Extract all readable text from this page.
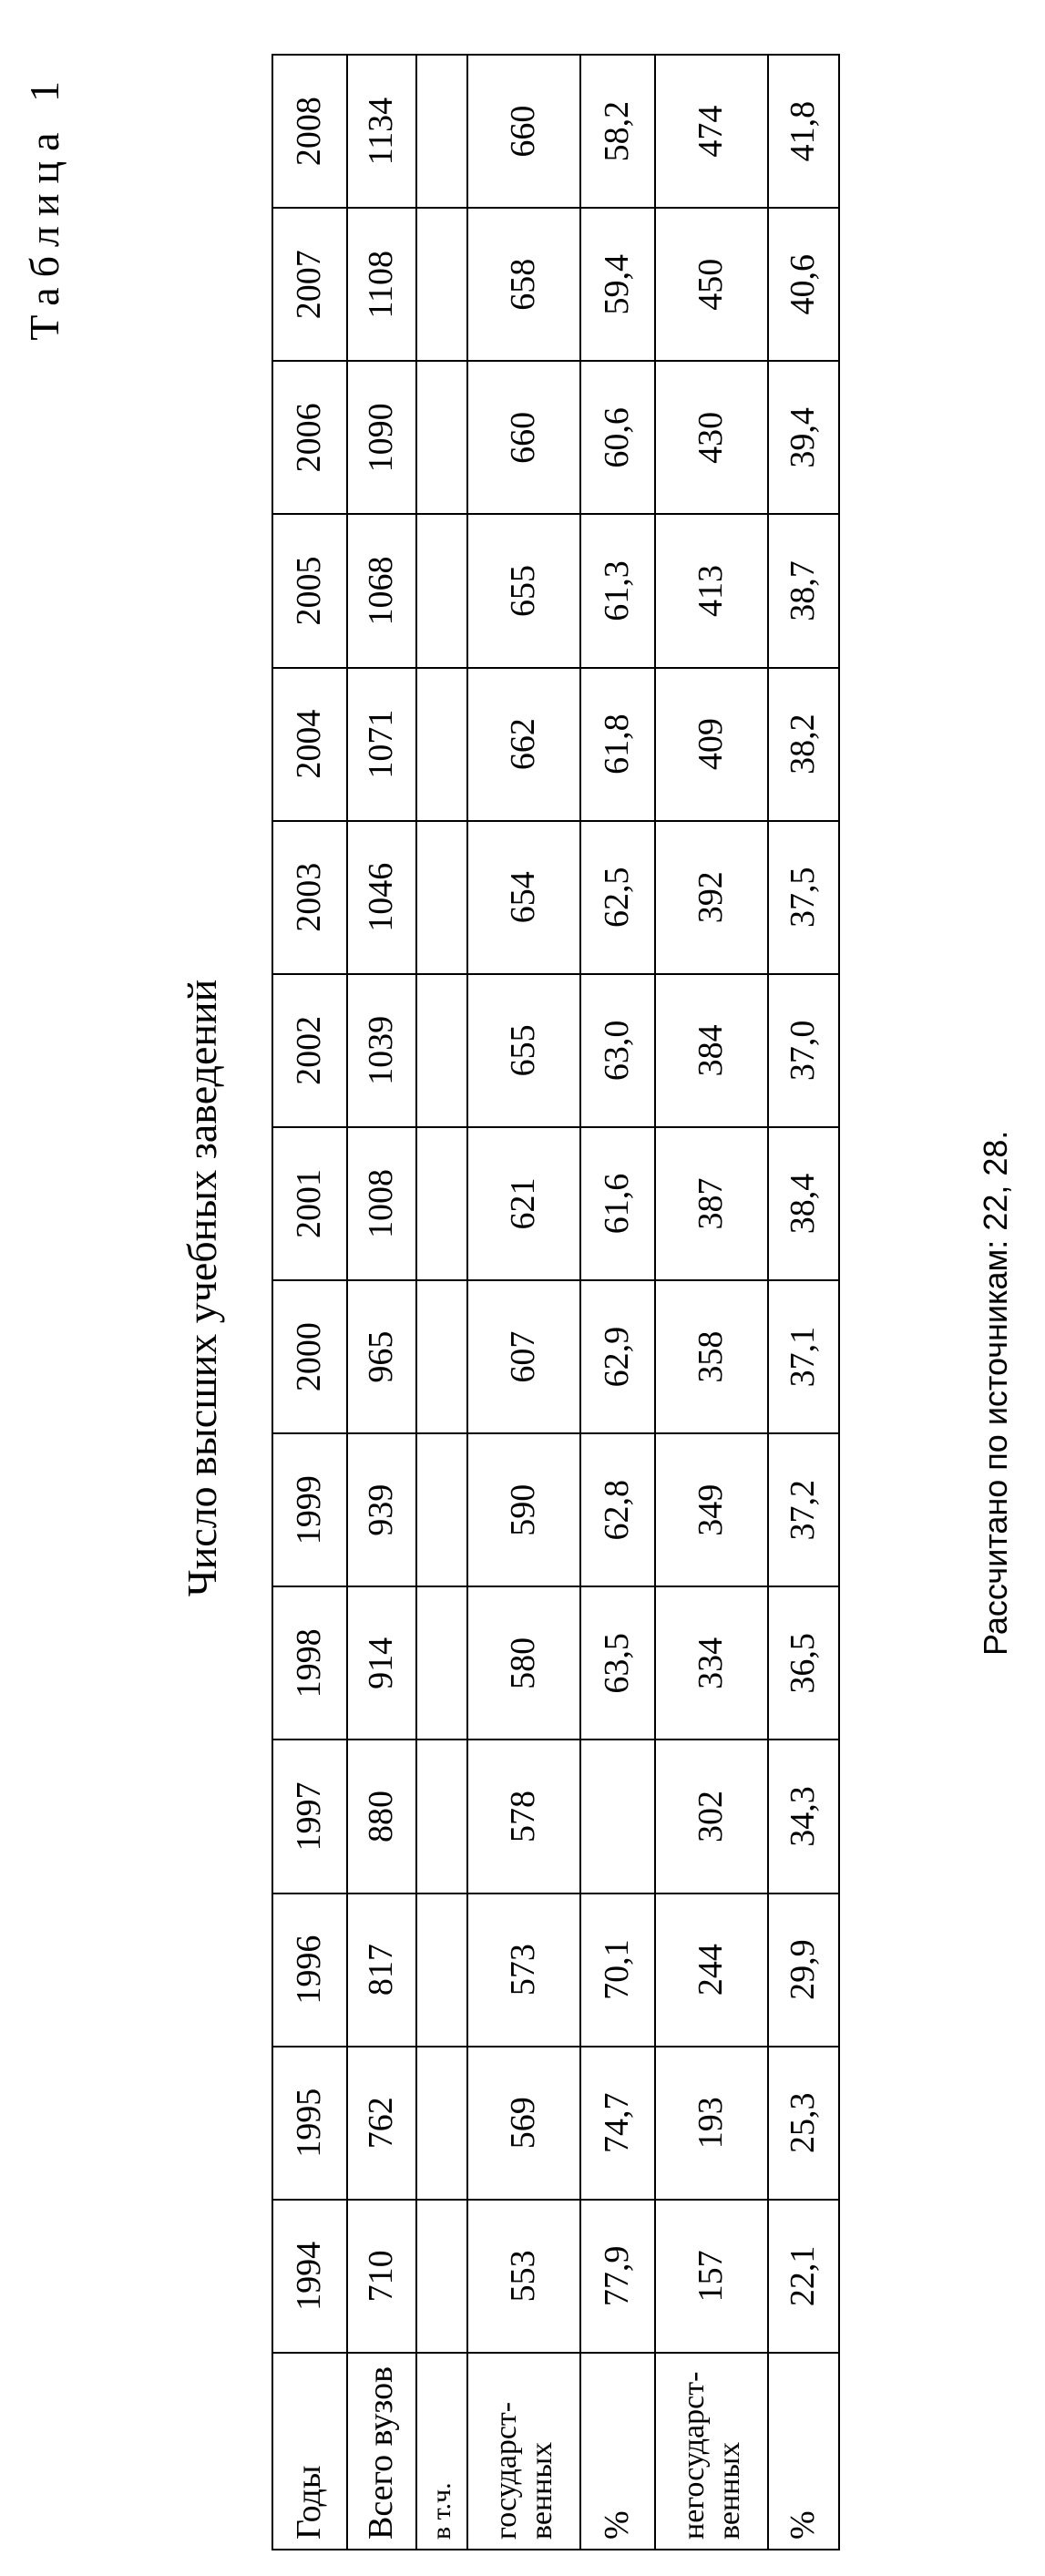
Таблица 1
Число высших учебных заведений
Годы	1994	1995	1996	1997	1998	1999	2000	2001	2002	2003	2004	2005	2006	2007	2008
Всего вузов	710	762	817	880	914	939	965	1008	1039	1046	1071	1068	1090	1108	1134
в т.ч.															
государст-венных	553	569	573	578	580	590	607	621	655	654	662	655	660	658	660
%	77,9	74,7	70,1		63,5	62,8	62,9	61,6	63,0	62,5	61,8	61,3	60,6	59,4	58,2
негосударст-венных	157	193	244	302	334	349	358	387	384	392	409	413	430	450	474
%	22,1	25,3	29,9	34,3	36,5	37,2	37,1	38,4	37,0	37,5	38,2	38,7	39,4	40,6	41,8
Рассчитано по источникам: 22, 28.
